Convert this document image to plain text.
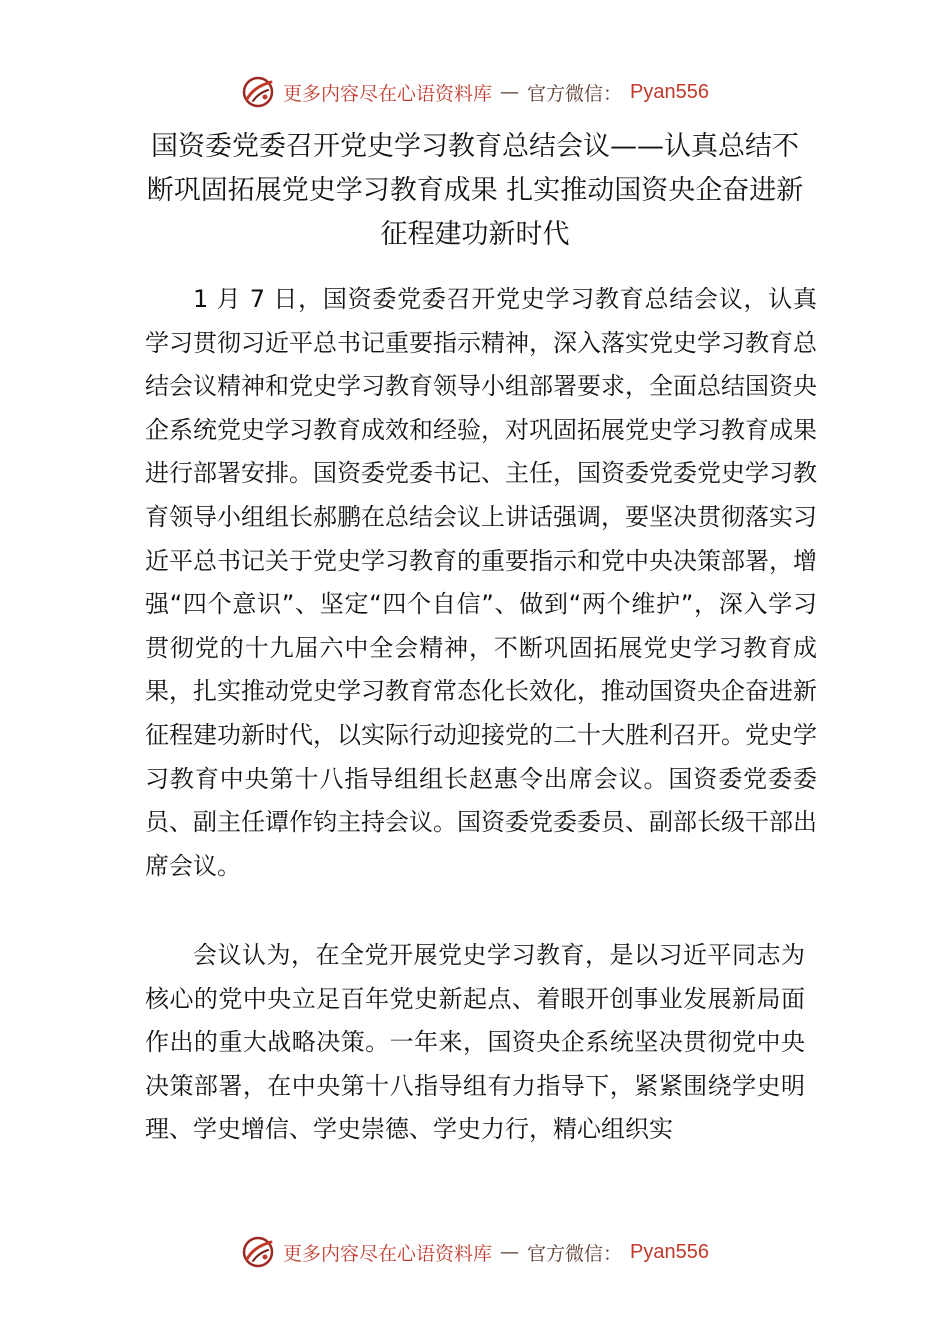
更多内容尽在心语资料库 — 官方微信： Pyan556
国资委党委召开党史学习教育总结会议——认真总结不断巩固拓展党史学习教育成果 扎实推动国资央企奋进新征程建功新时代

1 月 7 日，国资委党委召开党史学习教育总结会议，认真学习贯彻习近平总书记重要指示精神，深入落实党史学习教育总结会议精神和党史学习教育领导小组部署要求，全面总结国资央企系统党史学习教育成效和经验，对巩固拓展党史学习教育成果进行部署安排。国资委党委书记、主任，国资委党委党史学习教育领导小组组长郝鹏在总结会议上讲话强调，要坚决贯彻落实习近平总书记关于党史学习教育的重要指示和党中央决策部署，增强“四个意识”、坚定“四个自信”、做到“两个维护”，深入学习贯彻党的十九届六中全会精神，不断巩固拓展党史学习教育成果，扎实推动党史学习教育常态化长效化，推动国资央企奋进新征程建功新时代，以实际行动迎接党的二十大胜利召开。党史学习教育中央第十八指导组组长赵惠令出席会议。国资委党委委员、副主任谭作钧主持会议。国资委党委委员、副部长级干部出席会议。

会议认为，在全党开展党史学习教育，是以习近平同志为核心的党中央立足百年党史新起点、着眼开创事业发展新局面作出的重大战略决策。一年来，国资央企系统坚决贯彻党中央决策部署，在中央第十八指导组有力指导下，紧紧围绕学史明理、学史增信、学史崇德、学史力行，精心组织实

更多内容尽在心语资料库 — 官方微信： Pyan556
